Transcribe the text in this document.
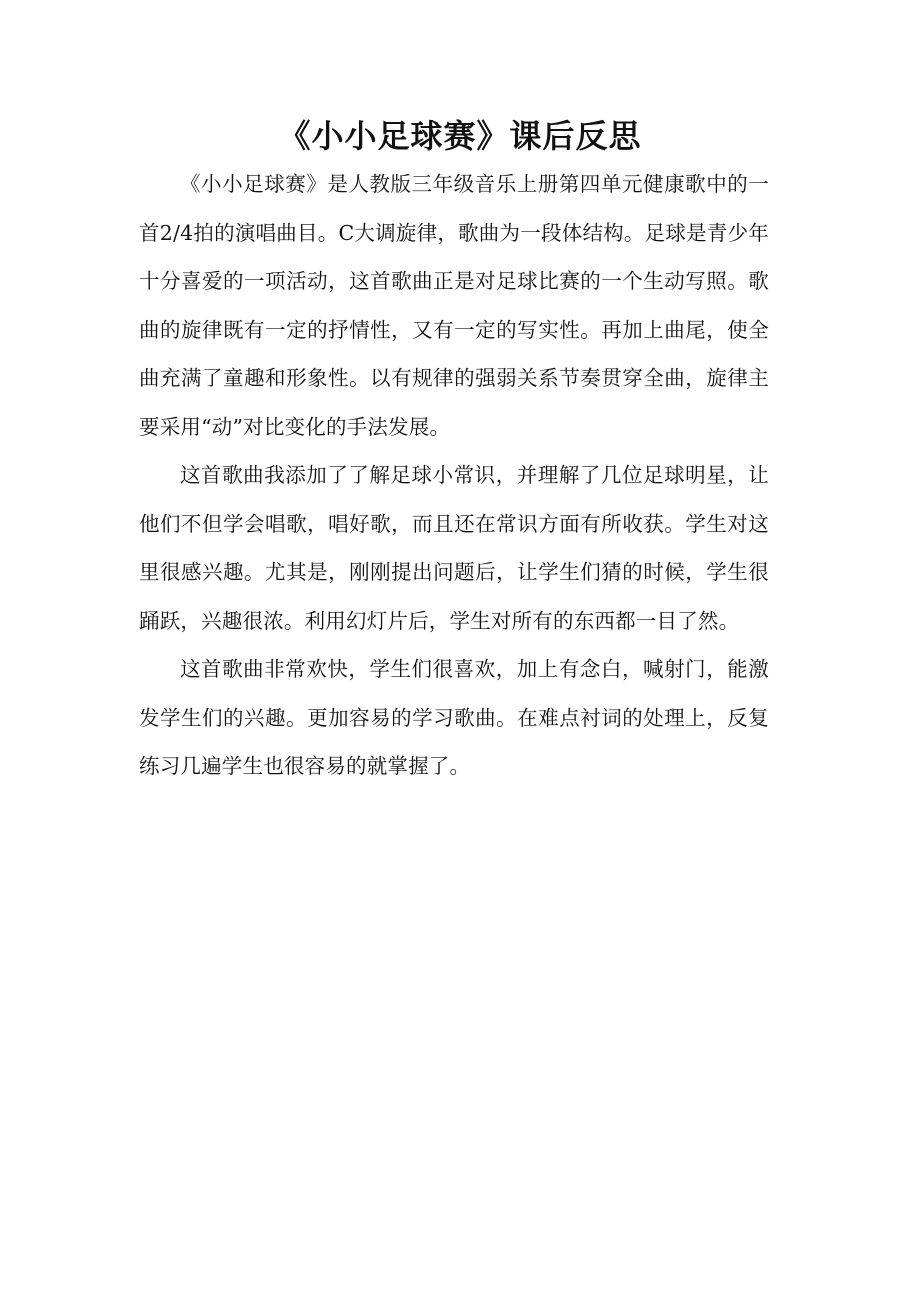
《小小足球赛》课后反思

《小小足球赛》是人教版三年级音乐上册第四单元健康歌中的一首2/4拍的演唱曲目。C大调旋律，歌曲为一段体结构。足球是青少年十分喜爱的一项活动，这首歌曲正是对足球比赛的一个生动写照。歌曲的旋律既有一定的抒情性，又有一定的写实性。再加上曲尾，使全曲充满了童趣和形象性。以有规律的强弱关系节奏贯穿全曲，旋律主要采用“动”对比变化的手法发展。

这首歌曲我添加了了解足球小常识，并理解了几位足球明星，让他们不但学会唱歌，唱好歌，而且还在常识方面有所收获。学生对这里很感兴趣。尤其是，刚刚提出问题后，让学生们猜的时候，学生很踊跃，兴趣很浓。利用幻灯片后，学生对所有的东西都一目了然。

这首歌曲非常欢快，学生们很喜欢，加上有念白，喊射门，能激发学生们的兴趣。更加容易的学习歌曲。在难点衬词的处理上，反复练习几遍学生也很容易的就掌握了。
